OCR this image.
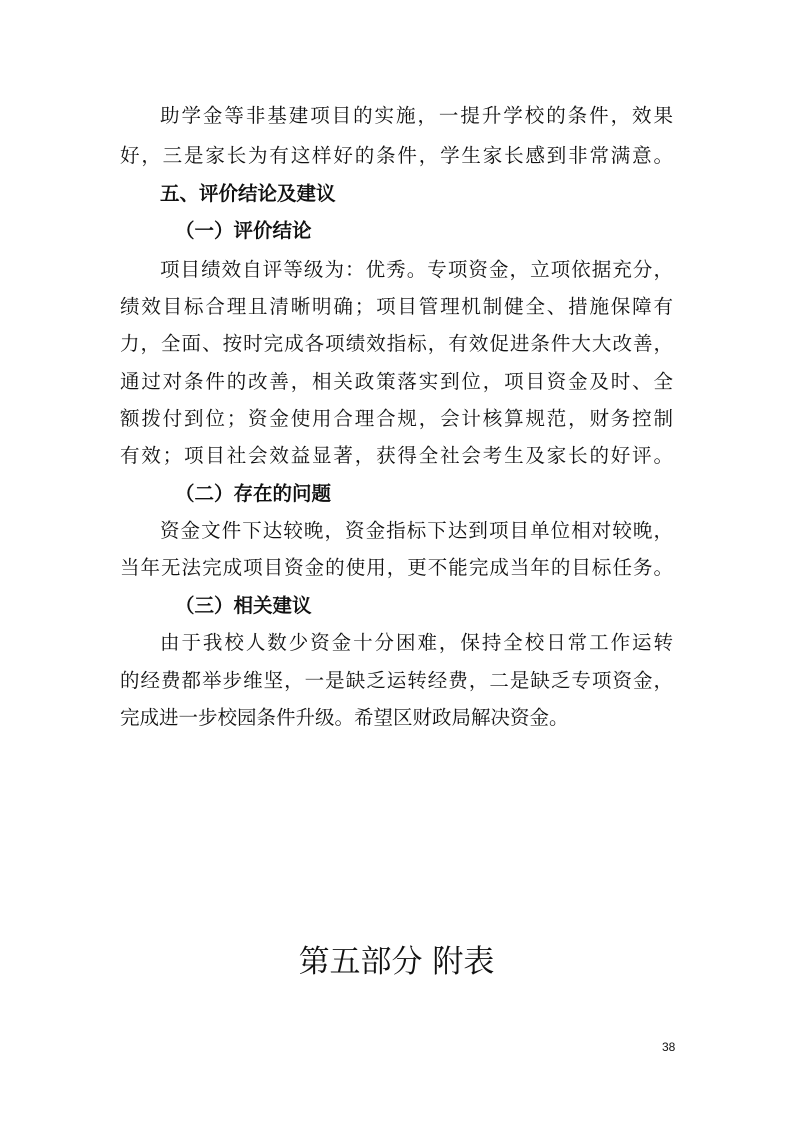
助学金等非基建项目的实施，一提升学校的条件，效果
好，三是家长为有这样好的条件，学生家长感到非常满意。
五、评价结论及建议
（一）评价结论
项目绩效自评等级为：优秀。专项资金，立项依据充分，
绩效目标合理且清晰明确；项目管理机制健全、措施保障有
力，全面、按时完成各项绩效指标，有效促进条件大大改善，
通过对条件的改善，相关政策落实到位，项目资金及时、全
额拨付到位；资金使用合理合规，会计核算规范，财务控制
有效；项目社会效益显著，获得全社会考生及家长的好评。
（二）存在的问题
资金文件下达较晚，资金指标下达到项目单位相对较晚，
当年无法完成项目资金的使用，更不能完成当年的目标任务。
（三）相关建议
由于我校人数少资金十分困难，保持全校日常工作运转
的经费都举步维坚，一是缺乏运转经费，二是缺乏专项资金，
完成进一步校园条件升级。希望区财政局解决资金。
第五部分 附表
38
